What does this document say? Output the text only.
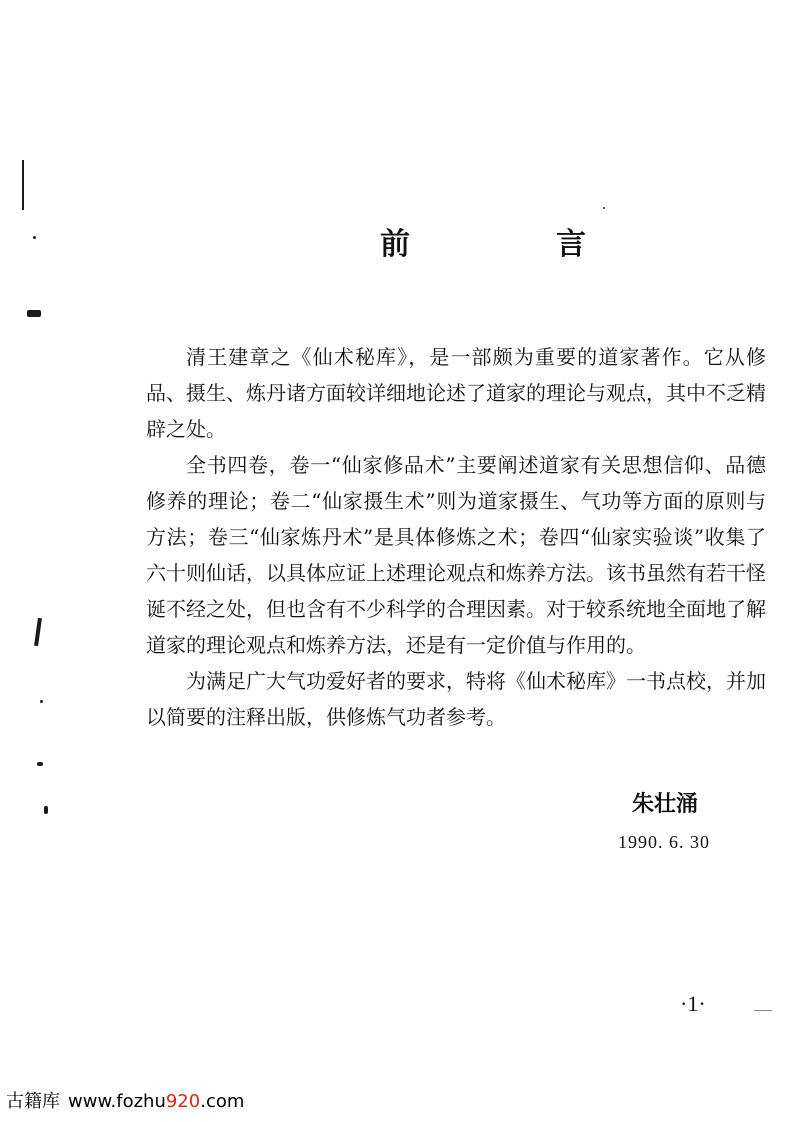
前　言

清王建章之《仙术秘库》，是一部颇为重要的道家著作。它从修品、摄生、炼丹诸方面较详细地论述了道家的理论与观点，其中不乏精辟之处。

全书四卷，卷一“仙家修品术”主要阐述道家有关思想信仰、品德修养的理论；卷二“仙家摄生术”则为道家摄生、气功等方面的原则与方法；卷三“仙家炼丹术”是具体修炼之术；卷四“仙家实验谈”收集了六十则仙话，以具体应证上述理论观点和炼养方法。该书虽然有若干怪诞不经之处，但也含有不少科学的合理因素。对于较系统地全面地了解道家的理论观点和炼养方法，还是有一定价值与作用的。

为满足广大气功爱好者的要求，特将《仙术秘库》一书点校，并加以简要的注释出版，供修炼气功者参考。

朱壮涌
1990. 6. 30
·1·
古籍库 www.fozhu920.com
